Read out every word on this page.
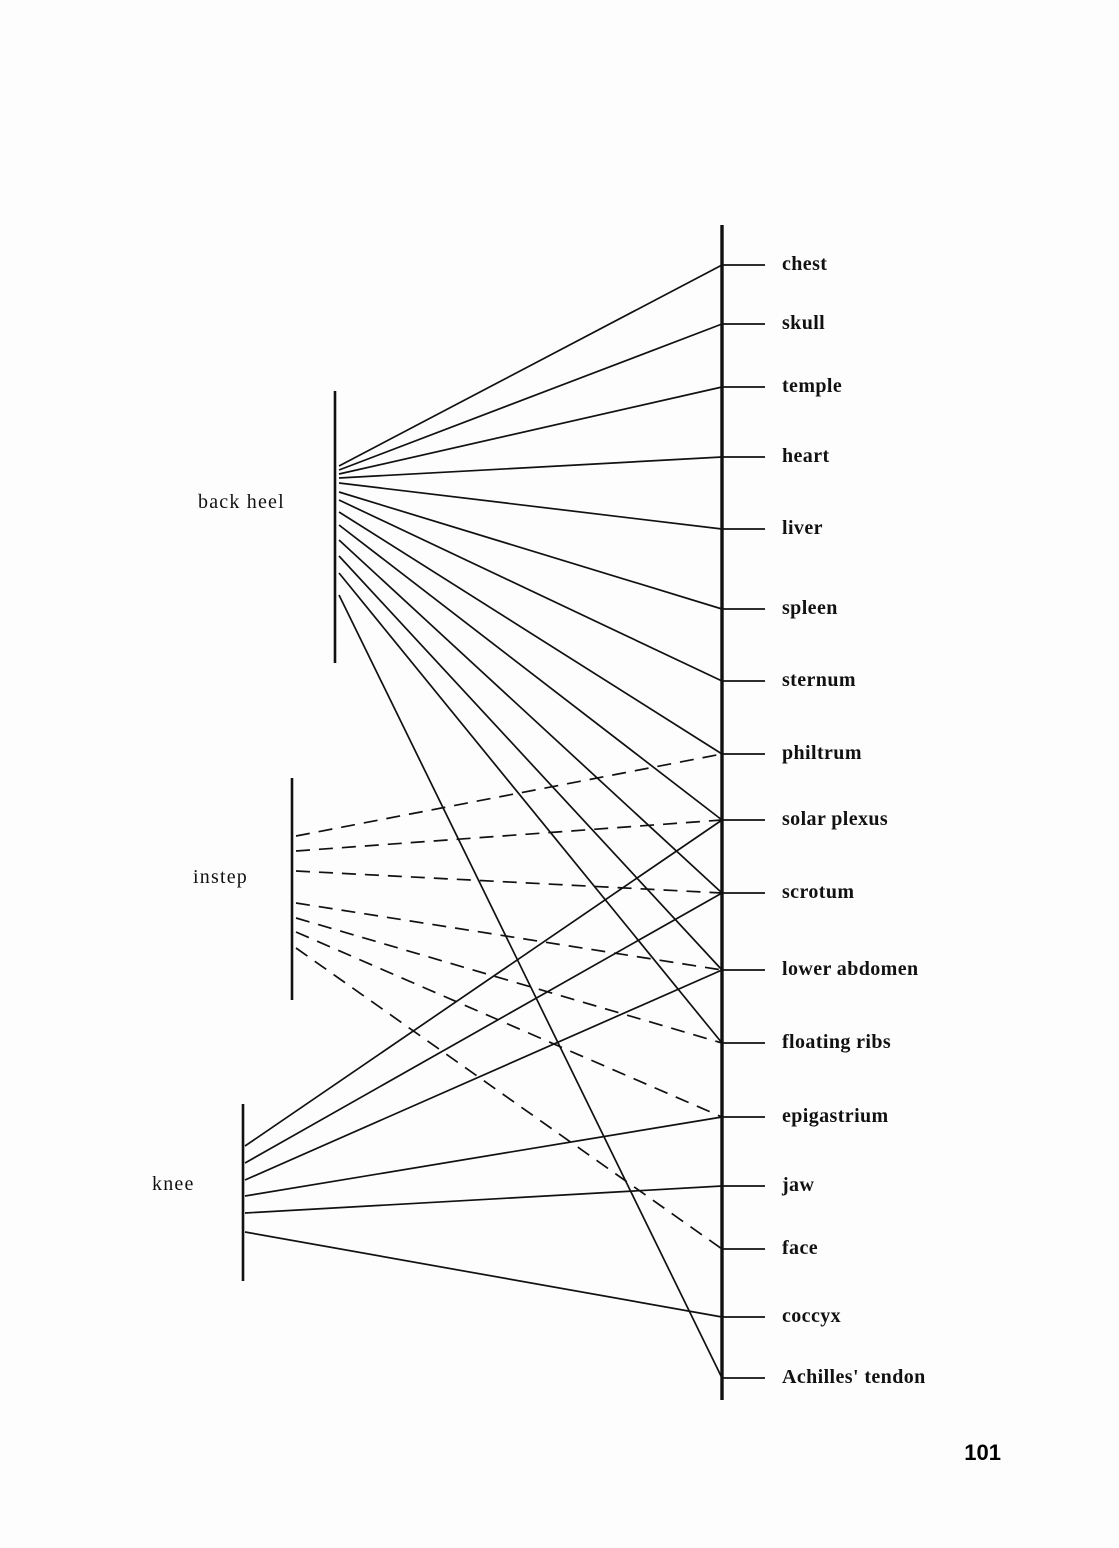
back heel
instep
knee
chest
skull
temple
heart
liver
spleen
sternum
philtrum
solar plexus
scrotum
lower abdomen
floating ribs
epigastrium
jaw
face
coccyx
Achilles' tendon
101
